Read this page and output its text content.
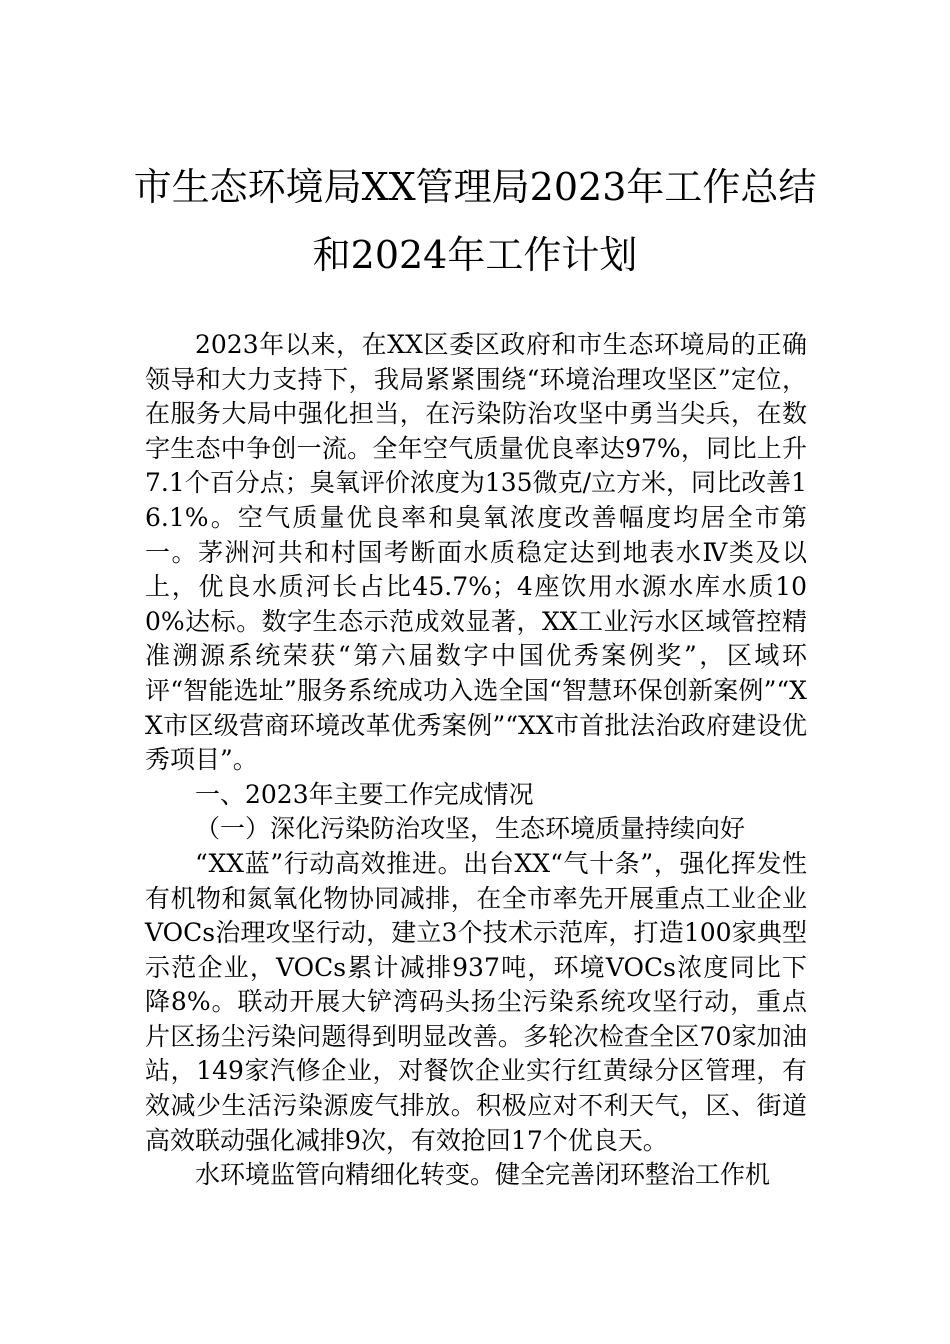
市生态环境局XX管理局2023年工作总结
和2024年工作计划

2023年以来，在XX区委区政府和市生态环境局的正确领导和大力支持下，我局紧紧围绕“环境治理攻坚区”定位，在服务大局中强化担当，在污染防治攻坚中勇当尖兵，在数字生态中争创一流。全年空气质量优良率达97%，同比上升7.1个百分点；臭氧评价浓度为135微克/立方米，同比改善16.1%。空气质量优良率和臭氧浓度改善幅度均居全市第一。茅洲河共和村国考断面水质稳定达到地表水Ⅳ类及以上，优良水质河长占比45.7%；4座饮用水源水库水质100%达标。数字生态示范成效显著，XX工业污水区域管控精准溯源系统荣获“第六届数字中国优秀案例奖”，区域环评“智能选址”服务系统成功入选全国“智慧环保创新案例”“XX市区级营商环境改革优秀案例”“XX市首批法治政府建设优秀项目”。

一、2023年主要工作完成情况

（一）深化污染防治攻坚，生态环境质量持续向好

“XX蓝”行动高效推进。出台XX“气十条”，强化挥发性有机物和氮氧化物协同减排，在全市率先开展重点工业企业VOCs治理攻坚行动，建立3个技术示范库，打造100家典型示范企业，VOCs累计减排937吨，环境VOCs浓度同比下降8%。联动开展大铲湾码头扬尘污染系统攻坚行动，重点片区扬尘污染问题得到明显改善。多轮次检查全区70家加油站，149家汽修企业，对餐饮企业实行红黄绿分区管理，有效减少生活污染源废气排放。积极应对不利天气，区、街道高效联动强化减排9次，有效抢回17个优良天。

水环境监管向精细化转变。健全完善闭环整治工作机
